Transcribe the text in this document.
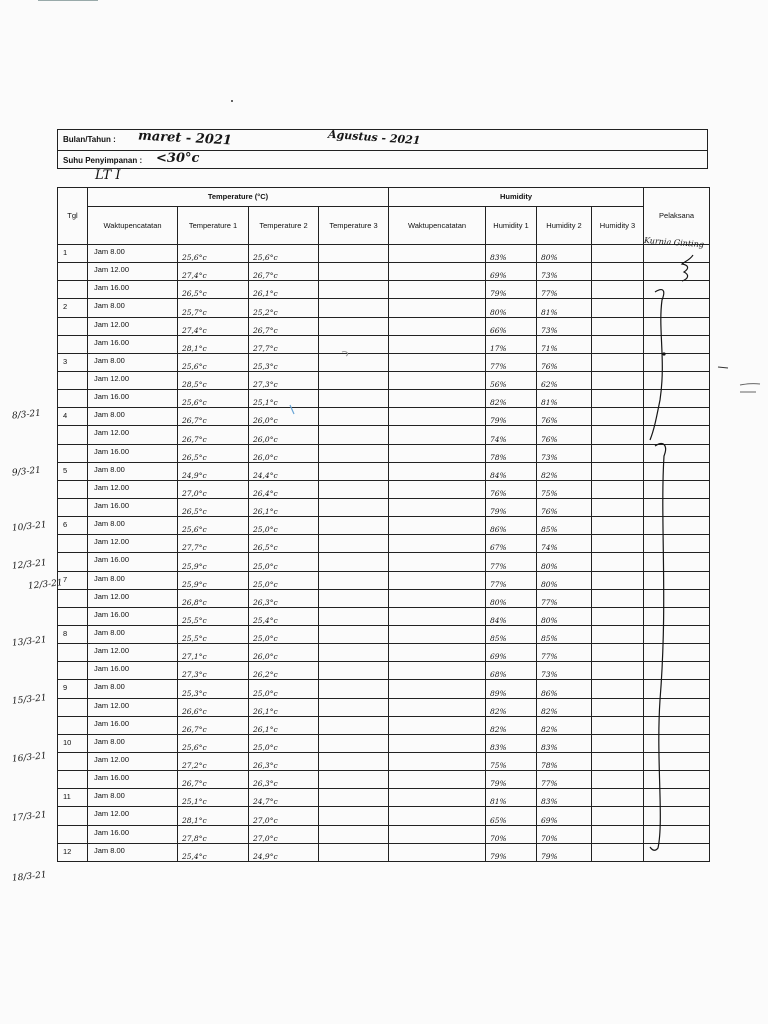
Bulan/Tahun : maret - 2021	Agustus - 2021
Suhu Penyimpanan : <30°c
LT I
Tgl	Temperature (°C)				Humidity				Pelaksana
	Waktupencatatan	Temperature 1	Temperature 2	Temperature 3	Waktupencatatan	Humidity 1	Humidity 2	Humidity 3	
1	Jam 8.00	25,6°c	25,6°c			83%	80%		
	Jam 12.00	27,4°c	26,7°c			69%	73%		
	Jam 16.00	26,5°c	26,1°c			79%	77%		
2	Jam 8.00	25,7°c	25,2°c			80%	81%		
	Jam 12.00	27,4°c	26,7°c			66%	73%		
	Jam 16.00	28,1°c	27,7°c			17%	71%		
3	Jam 8.00	25,6°c	25,3°c			77%	76%		
	Jam 12.00	28,5°c	27,3°c			56%	62%		
	Jam 16.00	25,6°c	25,1°c			82%	81%		
4	Jam 8.00	26,7°c	26,0°c			79%	76%		
	Jam 12.00	26,7°c	26,0°c			74%	76%		
	Jam 16.00	26,5°c	26,0°c			78%	73%		
5	Jam 8.00	24,9°c	24,4°c			84%	82%		
	Jam 12.00	27,0°c	26,4°c			76%	75%		
	Jam 16.00	26,5°c	26,1°c			79%	76%		
6	Jam 8.00	25,6°c	25,0°c			86%	85%		
	Jam 12.00	27,7°c	26,5°c			67%	74%		
	Jam 16.00	25,9°c	25,0°c			77%	80%		
7	Jam 8.00	25,9°c	25,0°c			77%	80%		
	Jam 12.00	26,8°c	26,3°c			80%	77%		
	Jam 16.00	25,5°c	25,4°c			84%	80%		
8	Jam 8.00	25,5°c	25,0°c			85%	85%		
	Jam 12.00	27,1°c	26,0°c			69%	77%		
	Jam 16.00	27,3°c	26,2°c			68%	73%		
9	Jam 8.00	25,3°c	25,0°c			89%	86%		
	Jam 12.00	26,6°c	26,1°c			82%	82%		
	Jam 16.00	26,7°c	26,1°c			82%	82%		
10	Jam 8.00	25,6°c	25,0°c			83%	83%		
	Jam 12.00	27,2°c	26,3°c			75%	78%		
	Jam 16.00	26,7°c	26,3°c			79%	77%		
11	Jam 8.00	25,1°c	24,7°c			81%	83%		
	Jam 12.00	28,1°c	27,0°c			65%	69%		
	Jam 16.00	27,8°c	27,0°c			70%	70%		
12	Jam 8.00	25,4°c	24,9°c			79%	79%		
Kurnia Ginting
8/3-21
9/3-21
10/3-21
12/3-21
12/3-21
13/3-21
15/3-21
16/3-21
17/3-21
18/3-21
